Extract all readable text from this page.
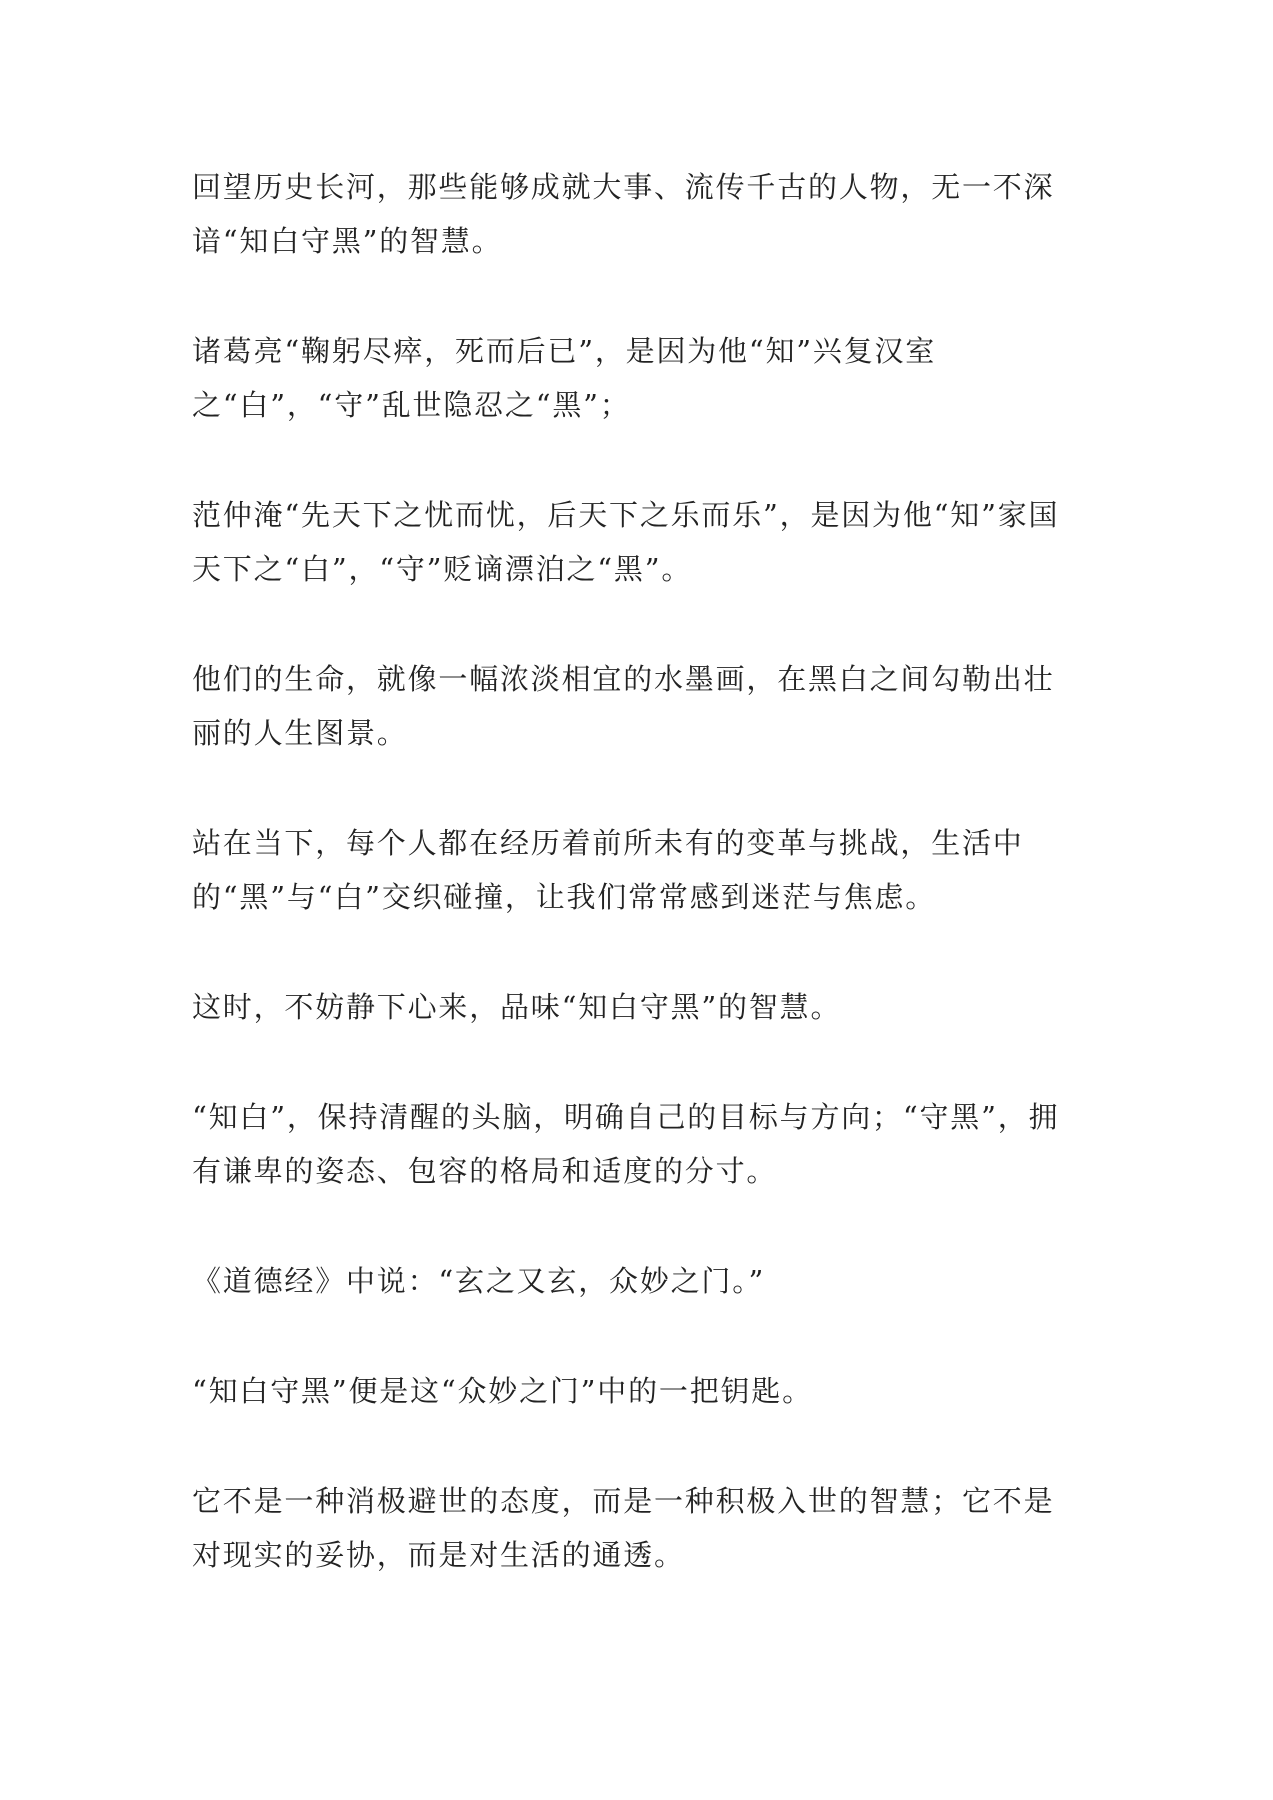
回望历史长河，那些能够成就大事、流传千古的人物，无一不深谙“知白守黑”的智慧。

诸葛亮“鞠躬尽瘁，死而后已”，是因为他“知”兴复汉室之“白”，“守”乱世隐忍之“黑”；

范仲淹“先天下之忧而忧，后天下之乐而乐”，是因为他“知”家国天下之“白”，“守”贬谪漂泊之“黑”。

他们的生命，就像一幅浓淡相宜的水墨画，在黑白之间勾勒出壮丽的人生图景。

站在当下，每个人都在经历着前所未有的变革与挑战，生活中的“黑”与“白”交织碰撞，让我们常常感到迷茫与焦虑。

这时，不妨静下心来，品味“知白守黑”的智慧。

“知白”，保持清醒的头脑，明确自己的目标与方向；“守黑”，拥有谦卑的姿态、包容的格局和适度的分寸。

《道德经》中说：“玄之又玄，众妙之门。”

“知白守黑”便是这“众妙之门”中的一把钥匙。

它不是一种消极避世的态度，而是一种积极入世的智慧；它不是对现实的妥协，而是对生活的通透。
